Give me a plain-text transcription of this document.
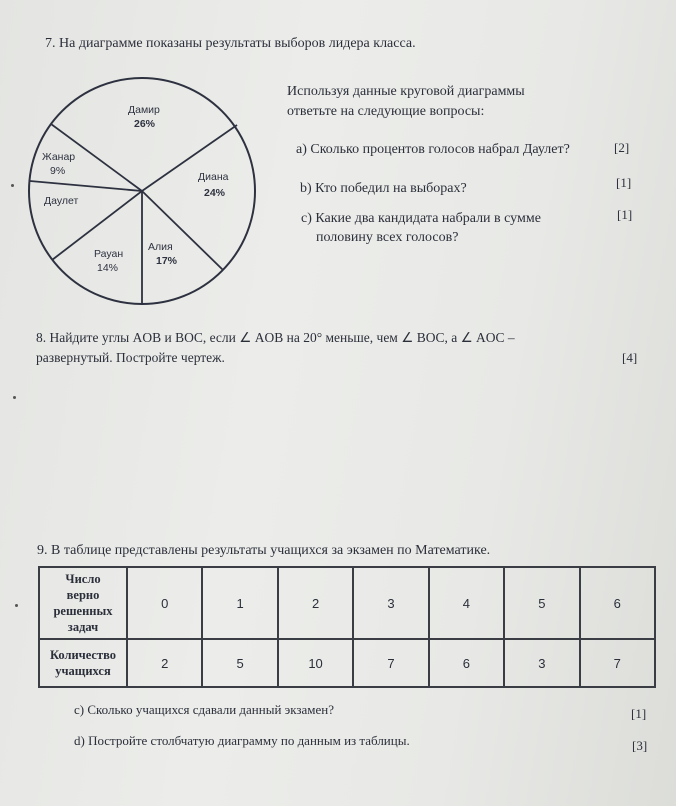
7. На диаграмме показаны результаты выборов лидера класса.
Дамир
26%
Диана
24%
Алия
17%
Рауан
14%
Даулет
Жанар
9%
Используя данные круговой диаграммы
ответьте на следующие вопросы:
a) Сколько процентов голосов набрал Даулет?	[2]
b) Кто победил на выборах?	[1]
c) Какие два кандидата набрали в сумме
половину всех голосов?
[1]
8. Найдите углы AOB и BOC, если ∠ AOB на 20° меньше, чем ∠ BOC, а ∠ AOC –
развернутый. Постройте чертеж.	[4]
9. В таблице представлены результаты учащихся за экзамен по Математике.
Число
верно
решенных
задач	0	1	2	3	4	5	6

Количество
учащихся	2	5	10	7	6	3	7
c) Сколько учащихся сдавали данный экзамен?	[1]
d) Постройте столбчатую диаграмму по данным из таблицы.	[3]
